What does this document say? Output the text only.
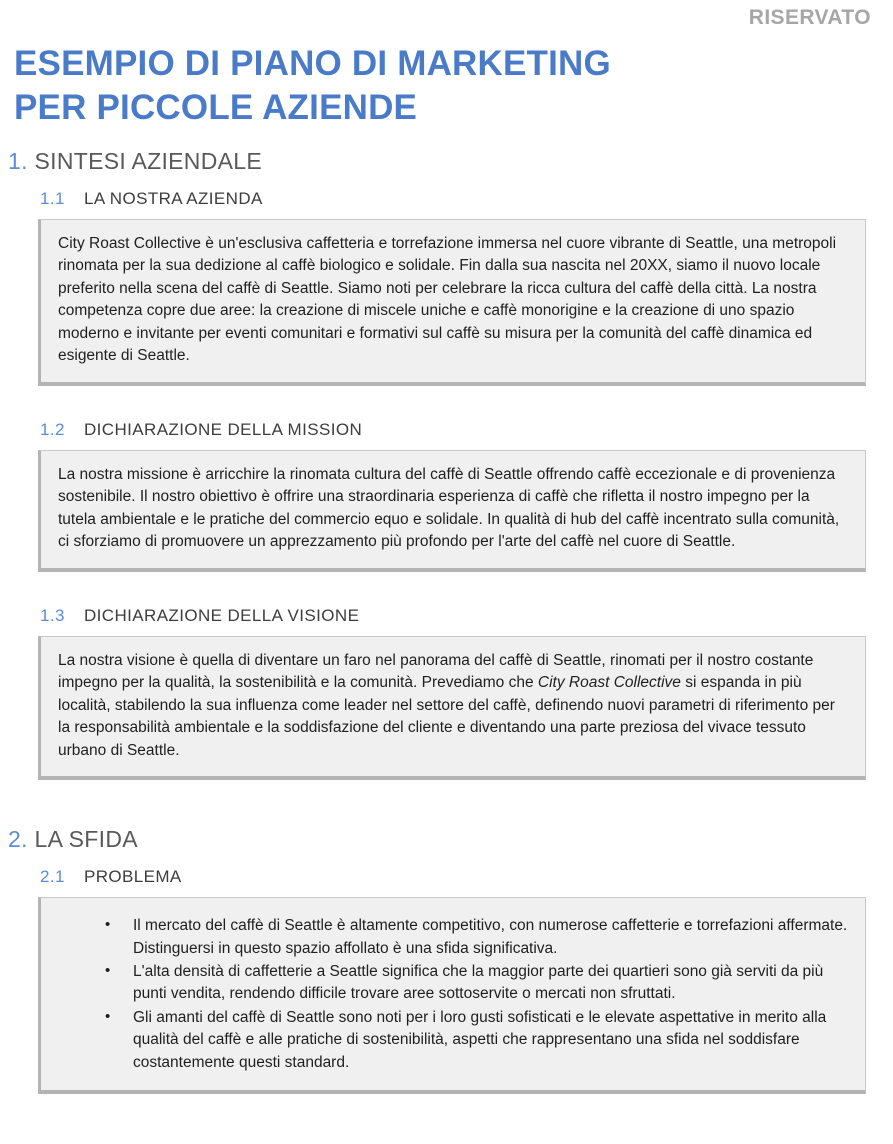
RISERVATO
ESEMPIO DI PIANO DI MARKETING
PER PICCOLE AZIENDE
1. SINTESI AZIENDALE
1.1 LA NOSTRA AZIENDA

City Roast Collective è un'esclusiva caffetteria e torrefazione immersa nel cuore vibrante di Seattle, una metropoli rinomata per la sua dedizione al caffè biologico e solidale. Fin dalla sua nascita nel 20XX, siamo il nuovo locale preferito nella scena del caffè di Seattle. Siamo noti per celebrare la ricca cultura del caffè della città. La nostra competenza copre due aree: la creazione di miscele uniche e caffè monorigine e la creazione di uno spazio moderno e invitante per eventi comunitari e formativi sul caffè su misura per la comunità del caffè dinamica ed esigente di Seattle.

1.2 DICHIARAZIONE DELLA MISSION

La nostra missione è arricchire la rinomata cultura del caffè di Seattle offrendo caffè eccezionale e di provenienza sostenibile. Il nostro obiettivo è offrire una straordinaria esperienza di caffè che rifletta il nostro impegno per la tutela ambientale e le pratiche del commercio equo e solidale. In qualità di hub del caffè incentrato sulla comunità, ci sforziamo di promuovere un apprezzamento più profondo per l'arte del caffè nel cuore di Seattle.

1.3 DICHIARAZIONE DELLA VISIONE

La nostra visione è quella di diventare un faro nel panorama del caffè di Seattle, rinomati per il nostro costante impegno per la qualità, la sostenibilità e la comunità. Prevediamo che City Roast Collective si espanda in più località, stabilendo la sua influenza come leader nel settore del caffè, definendo nuovi parametri di riferimento per la responsabilità ambientale e la soddisfazione del cliente e diventando una parte preziosa del vivace tessuto urbano di Seattle.

2. LA SFIDA
2.1 PROBLEMA
• Il mercato del caffè di Seattle è altamente competitivo, con numerose caffetterie e torrefazioni affermate. Distinguersi in questo spazio affollato è una sfida significativa.
• L'alta densità di caffetterie a Seattle significa che la maggior parte dei quartieri sono già serviti da più punti vendita, rendendo difficile trovare aree sottoservite o mercati non sfruttati.
• Gli amanti del caffè di Seattle sono noti per i loro gusti sofisticati e le elevate aspettative in merito alla qualità del caffè e alle pratiche di sostenibilità, aspetti che rappresentano una sfida nel soddisfare costantemente questi standard.
